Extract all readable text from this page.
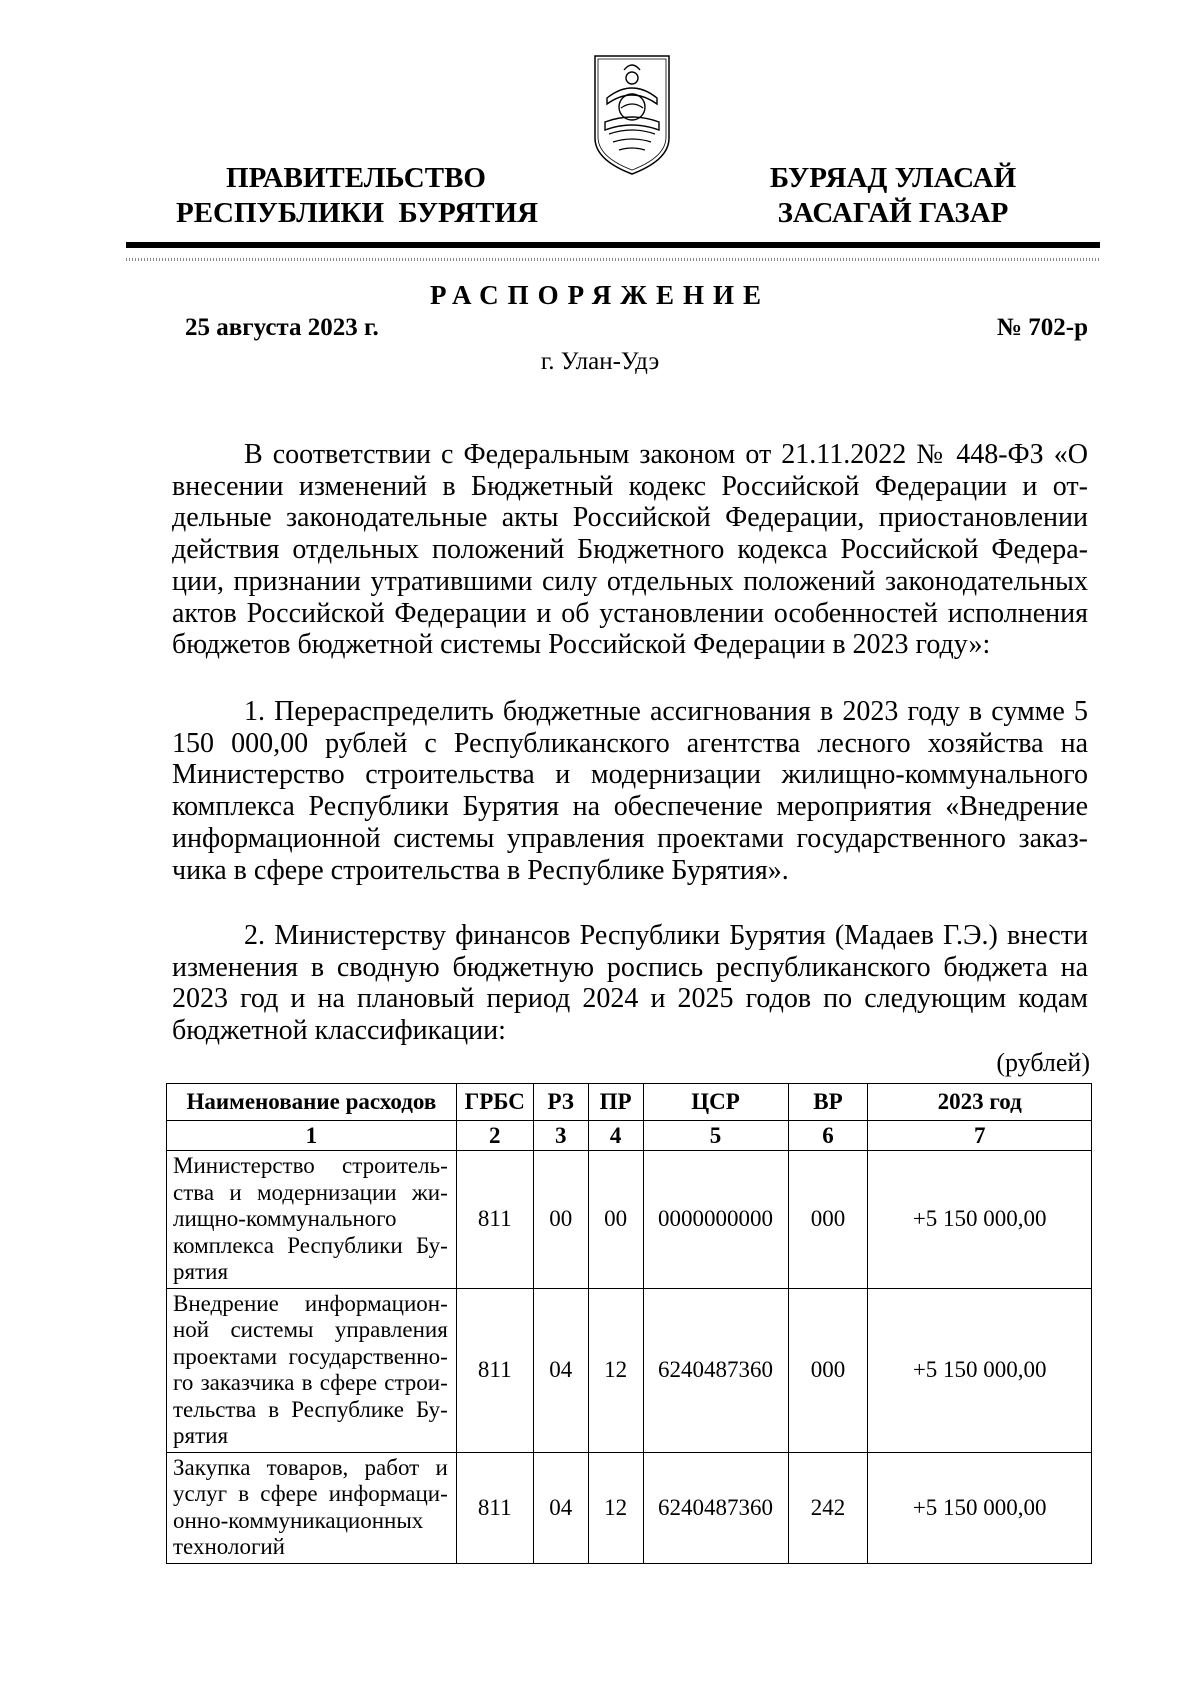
ПРАВИТЕЛЬСТВО
РЕСПУБЛИКИ  БУРЯТИЯ
БУРЯАД УЛАСАЙ
ЗАСАГАЙ ГАЗАР
РАСПОРЯЖЕНИЕ
25 августа 2023 г.	№ 702-р
г. Улан-Удэ

В соответствии с Федеральным законом от 21.11.2022 № 448-ФЗ «О внесении изменений в Бюджетный кодекс Российской Федерации и отдельные законодательные акты Российской Федерации, приостановлении действия отдельных положений Бюджетного кодекса Российской Федерации, признании утратившими силу отдельных положений законодательных актов Российской Федерации и об установлении особенностей исполнения бюджетов бюджетной системы Российской Федерации в 2023 году»:

1. Перераспределить бюджетные ассигнования в 2023 году в сумме 5 150 000,00 рублей с Республиканского агентства лесного хозяйства на Министерство строительства и модернизации жилищно-коммунального комплекса Республики Бурятия на обеспечение мероприятия «Внедрение информационной системы управления проектами государственного заказчика в сфере строительства в Республике Бурятия».

2. Министерству финансов Республики Бурятия (Мадаев Г.Э.) внести изменения в сводную бюджетную роспись республиканского бюджета на 2023 год и на плановый период 2024 и 2025 годов по следующим кодам бюджетной классификации:

(рублей)
Наименование расходов	ГРБС	РЗ	ПР	ЦСР	ВР	2023 год
1	2	3	4	5	6	7
Министерство строительства и модернизации жилищно-коммунального комплекса Республики Бурятия	811	00	00	0000000000	000	+5 150 000,00
Внедрение информационной системы управления проектами государственного заказчика в сфере строительства в Республике Бурятия	811	04	12	6240487360	000	+5 150 000,00
Закупка товаров, работ и услуг в сфере информационно-коммуникационных технологий	811	04	12	6240487360	242	+5 150 000,00
